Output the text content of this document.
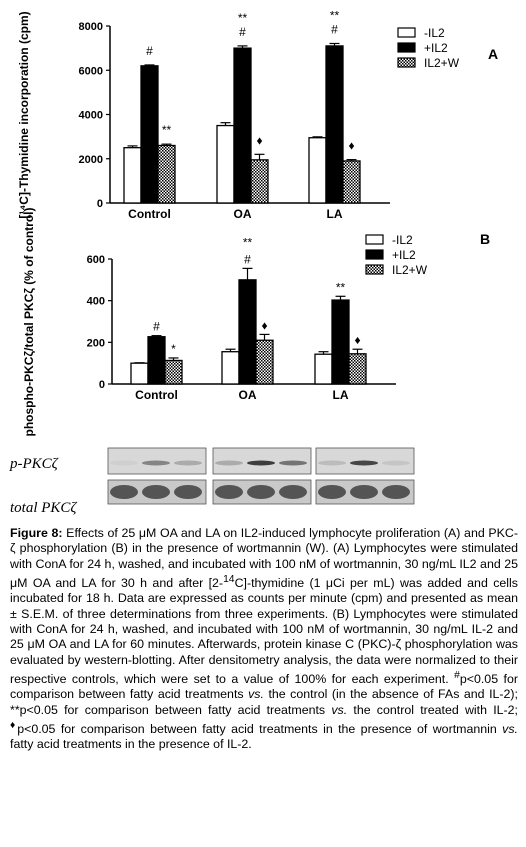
0
2000
4000
6000
8000
[¹⁴C]-Thymidine incorporation (cpm)	Control	OA	LA
#
**
**
#
♦
**
#
♦
-IL2
+IL2
IL2+W
A
0
200
400
600
phospho-PKCζ/total PKCζ (% of control)	Control	OA	LA
#
*
**
#
♦
**
♦
-IL2
+IL2
IL2+W
B
p-PKCζ
total PKCζ
Figure 8: Effects of 25 μM OA and LA on IL2-induced lymphocyte proliferation (A) and PKC-ζ phosphorylation (B) in the presence of wortmannin (W). (A) Lymphocytes were stimulated with ConA for 24 h, washed, and incubated with 100 nM of wortmannin, 30 ng/mL IL2 and 25 μM OA and LA for 30 h and after [2-$^{14}$C]-thymidine (1 μCi per mL) was added and cells incubated for 18 h. Data are expressed as counts per minute (cpm) and presented as mean ± S.E.M. of three determinations from three experiments. (B) Lymphocytes were stimulated with ConA for 24 h, washed, and incubated with 100 nM of wortmannin, 30 ng/mL IL-2 and 25 μM OA and LA for 60 minutes. Afterwards, protein kinase C (PKC)-ζ phosphorylation was evaluated by western-blotting. After densitometry analysis, the data were normalized to their respective controls, which were set to a value of 100% for each experiment. #p<0.05 for comparison between fatty acid treatments vs. the control (in the absence of FAs and IL-2); **p<0.05 for comparison between fatty acid treatments vs. the control treated with IL-2; ♦p<0.05 for comparison between fatty acid treatments in the presence of wortmannin vs. fatty acid treatments in the presence of IL-2.
